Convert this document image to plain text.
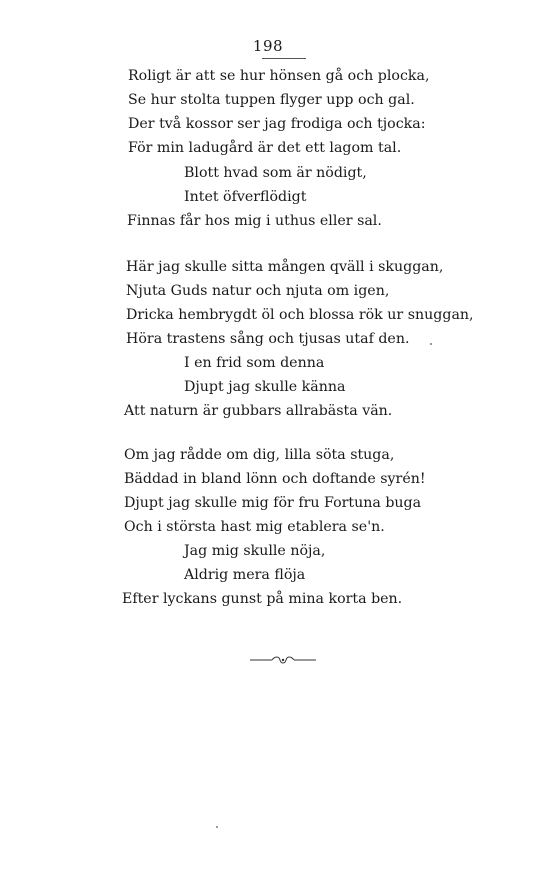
198
Roligt är att se hur hönsen gå och plocka,
Se hur stolta tuppen flyger upp och gal.
Der två kossor ser jag frodiga och tjocka:
För min ladugård är det ett lagom tal.
Blott hvad som är nödigt,
Intet öfverflödigt
Finnas får hos mig i uthus eller sal.
Här jag skulle sitta mången qväll i skuggan,
Njuta Guds natur och njuta om igen,
Dricka hembrygdt öl och blossa rök ur snuggan,
Höra trastens sång och tjusas utaf den.
I en frid som denna
Djupt jag skulle känna
Att naturn är gubbars allrabästa vän.
Om jag rådde om dig, lilla söta stuga,
Bäddad in bland lönn och doftande syrén!
Djupt jag skulle mig för fru Fortuna buga
Och i största hast mig etablera se'n.
Jag mig skulle nöja,
Aldrig mera flöja
Efter lyckans gunst på mina korta ben.
